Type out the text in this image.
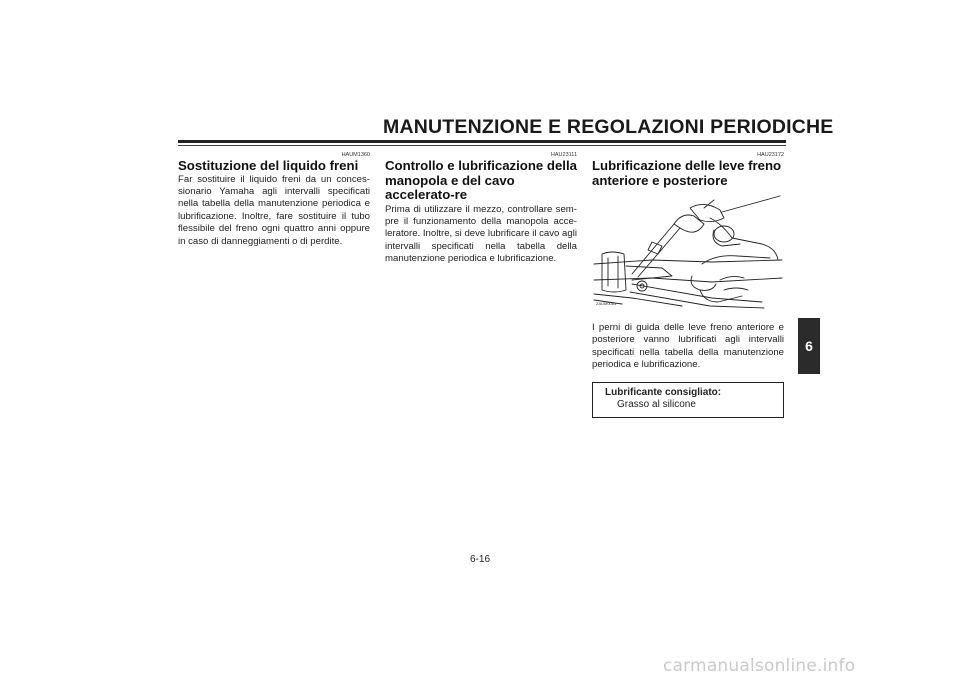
MANUTENZIONE E REGOLAZIONI PERIODICHE
HAUM1360
Sostituzione del liquido freni

Far sostituire il liquido freni da un conces-sionario Yamaha agli intervalli specificati nella tabella della manutenzione periodica e lubrificazione. Inoltre, fare sostituire il tubo flessibile del freno ogni quattro anni oppure in caso di danneggiamenti o di perdite.

HAU23111
Controllo e lubrificazione della manopola e del cavo accelerato-re

Prima di utilizzare il mezzo, controllare sem-pre il funzionamento della manopola acce-leratore. Inoltre, si deve lubrificare il cavo agli intervalli specificati nella tabella della manutenzione periodica e lubrificazione.

HAU23172
Lubrificazione delle leve freno anteriore e posteriore
ZAUM0081

I perni di guida delle leve freno anteriore e posteriore vanno lubrificati agli intervalli specificati nella tabella della manutenzione periodica e lubrificazione.

Lubrificante consigliato:
Grasso al silicone
6
6-16
carmanualsonline.info
